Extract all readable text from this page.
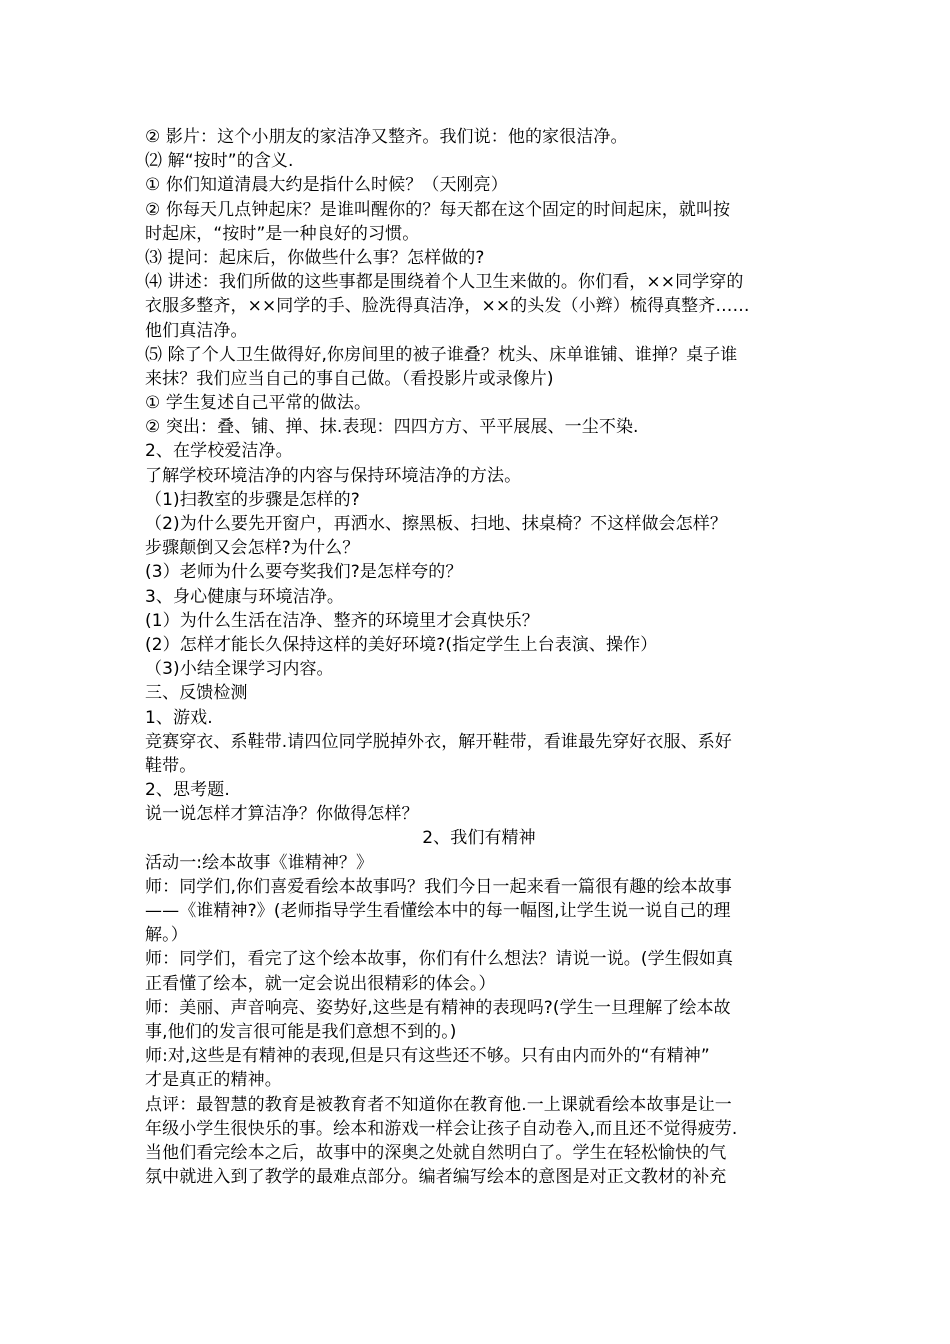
② 影片：这个小朋友的家洁净又整齐。我们说：他的家很洁净。
⑵ 解“按时”的含义.
① 你们知道清晨大约是指什么时候？（天刚亮）
② 你每天几点钟起床？是谁叫醒你的？每天都在这个固定的时间起床，就叫按
时起床，“按时”是一种良好的习惯。
⑶ 提问：起床后，你做些什么事？怎样做的?
⑷ 讲述：我们所做的这些事都是围绕着个人卫生来做的。你们看，××同学穿的
衣服多整齐，××同学的手、脸洗得真洁净，××的头发（小辫）梳得真整齐……
他们真洁净。
⑸ 除了个人卫生做得好,你房间里的被子谁叠？枕头、床单谁铺、谁掸？桌子谁
来抹？我们应当自己的事自己做。（看投影片或录像片)
① 学生复述自己平常的做法。
② 突出：叠、铺、掸、抹.表现：四四方方、平平展展、一尘不染.
2、在学校爱洁净。
了解学校环境洁净的内容与保持环境洁净的方法。
（1)扫教室的步骤是怎样的?
（2)为什么要先开窗户，再洒水、擦黑板、扫地、抹桌椅？不这样做会怎样？
步骤颠倒又会怎样?为什么？
(3）老师为什么要夸奖我们?是怎样夸的？
3、身心健康与环境洁净。
(1）为什么生活在洁净、整齐的环境里才会真快乐？
(2）怎样才能长久保持这样的美好环境?(指定学生上台表演、操作）
（3)小结全课学习内容。
三、反馈检测
1、游戏.
竞赛穿衣、系鞋带.请四位同学脱掉外衣，解开鞋带，看谁最先穿好衣服、系好
鞋带。
2、思考题.
说一说怎样才算洁净？你做得怎样？
2、我们有精神
活动一:绘本故事《谁精神？》
师：同学们,你们喜爱看绘本故事吗？我们今日一起来看一篇很有趣的绘本故事
——《谁精神?》(老师指导学生看懂绘本中的每一幅图,让学生说一说自己的理
解。）
师：同学们，看完了这个绘本故事，你们有什么想法？请说一说。(学生假如真
正看懂了绘本，就一定会说出很精彩的体会。）
师：美丽、声音响亮、姿势好,这些是有精神的表现吗?(学生一旦理解了绘本故
事,他们的发言很可能是我们意想不到的。)
师:对,这些是有精神的表现,但是只有这些还不够。只有由内而外的“有精神”
才是真正的精神。
点评：最智慧的教育是被教育者不知道你在教育他.一上课就看绘本故事是让一
年级小学生很快乐的事。绘本和游戏一样会让孩子自动卷入,而且还不觉得疲劳.
当他们看完绘本之后，故事中的深奥之处就自然明白了。学生在轻松愉快的气
氛中就进入到了教学的最难点部分。编者编写绘本的意图是对正文教材的补充
